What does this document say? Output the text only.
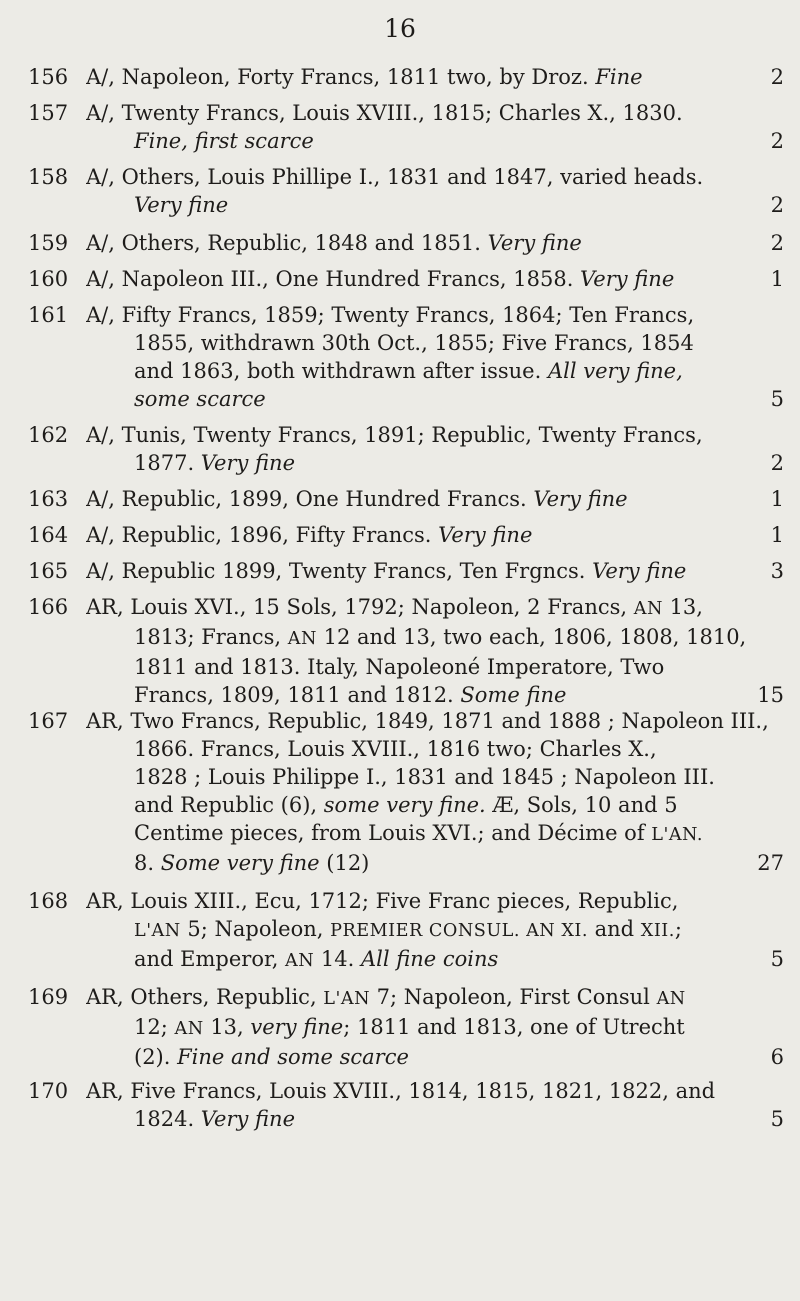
16
156 A/, Napoleon, Forty Francs, 1811 two, by Droz. Fine	2
157 A/, Twenty Francs, Louis XVIII., 1815; Charles X., 1830.
Fine, first scarce	2
158 A/, Others, Louis Phillipe I., 1831 and 1847, varied heads.
Very fine	2
159 A/, Others, Republic, 1848 and 1851. Very fine	2
160 A/, Napoleon III., One Hundred Francs, 1858. Very fine	1
161 A/, Fifty Francs, 1859; Twenty Francs, 1864; Ten Francs,
1855, withdrawn 30th Oct., 1855; Five Francs, 1854
and 1863, both withdrawn after issue. All very fine,
some scarce	5
162 A/, Tunis, Twenty Francs, 1891; Republic, Twenty Francs,
1877. Very fine	2
163 A/, Republic, 1899, One Hundred Francs. Very fine	1
164 A/, Republic, 1896, Fifty Francs. Very fine	1
165 A/, Republic 1899, Twenty Francs, Ten Frgncs. Very fine	3
166 AR, Louis XVI., 15 Sols, 1792; Napoleon, 2 Francs, AN 13,
1813; Francs, AN 12 and 13, two each, 1806, 1808, 1810,
1811 and 1813. Italy, Napoleoné Imperatore, Two
Francs, 1809, 1811 and 1812. Some fine	15
167 AR, Two Francs, Republic, 1849, 1871 and 1888 ; Napoleon III.,
1866. Francs, Louis XVIII., 1816 two; Charles X.,
1828 ; Louis Philippe I., 1831 and 1845 ; Napoleon III.
and Republic (6), some very fine. Æ, Sols, 10 and 5
Centime pieces, from Louis XVI.; and Décime of L'AN.
8. Some very fine (12)	27
168 AR, Louis XIII., Ecu, 1712; Five Franc pieces, Republic,
L'AN 5; Napoleon, PREMIER CONSUL. AN XI. and XII.;
and Emperor, AN 14. All fine coins	5
169 AR, Others, Republic, L'AN 7; Napoleon, First Consul AN
12; AN 13, very fine; 1811 and 1813, one of Utrecht
(2). Fine and some scarce	6
170 AR, Five Francs, Louis XVIII., 1814, 1815, 1821, 1822, and
1824. Very fine	5
